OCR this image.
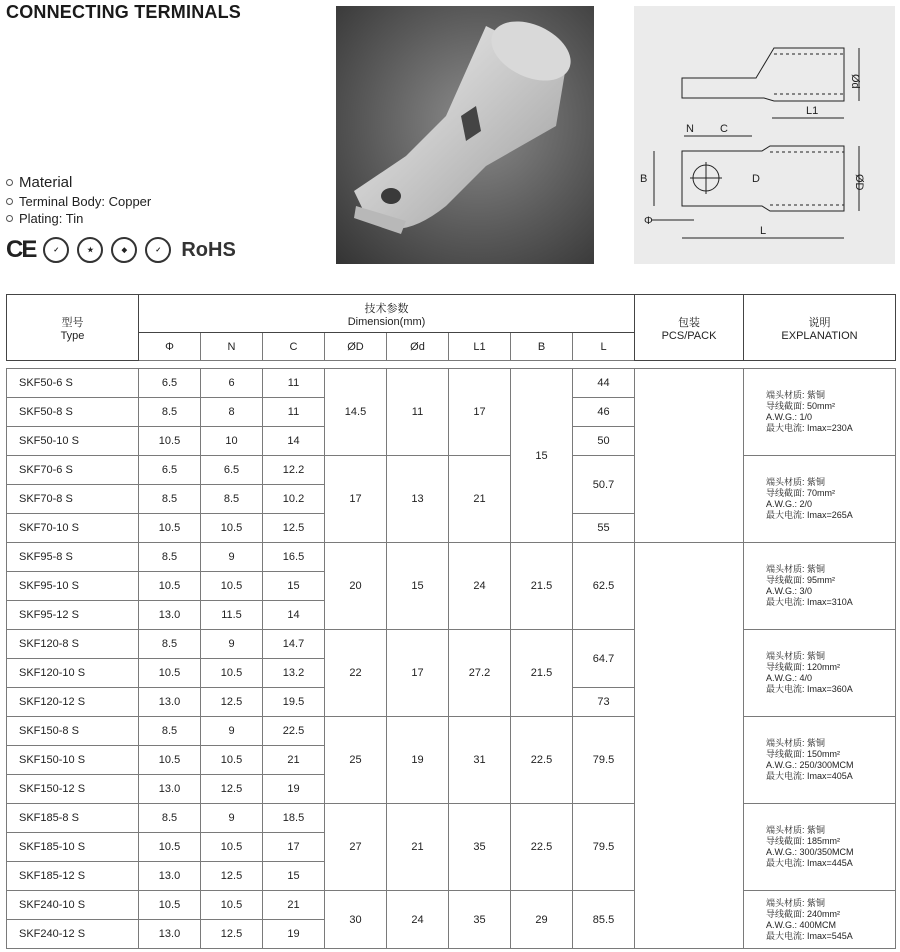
CONNECTING TERMINALS
Material
Terminal Body: Copper
Plating: Tin
CE	✓	★	◆	✓	RoHS
Ød
L1
N C
B	D	ØD
Φ
L
型号
Type	技术参数
Dimension(mm)								包装
PCS/PACK	说明
EXPLANATION
	Φ	N	C	ØD	Ød	L1	B	L		

SKF50-6 S	6.5	6	11	14.5	11	17	15	44		端头材质: 紫铜
导线截面: 50mm²
A.W.G.: 1/0
最大电流: Imax=230A
SKF50-8 S	8.5	8	11					46		
SKF50-10 S	10.5	10	14					50		
SKF70-6 S	6.5	6.5	12.2	17	13	21		50.7		端头材质: 紫铜
导线截面: 70mm²
A.W.G.: 2/0
最大电流: Imax=265A
SKF70-8 S	8.5	8.5	10.2							
SKF70-10 S	10.5	10.5	12.5					55		
SKF95-8 S	8.5	9	16.5	20	15	24	21.5	62.5		端头材质: 紫铜
导线截面: 95mm²
A.W.G.: 3/0
最大电流: Imax=310A
SKF95-10 S	10.5	10.5	15							
SKF95-12 S	13.0	11.5	14							
SKF120-8 S	8.5	9	14.7	22	17	27.2	21.5	64.7		端头材质: 紫铜
导线截面: 120mm²
A.W.G.: 4/0
最大电流: Imax=360A
SKF120-10 S	10.5	10.5	13.2							
SKF120-12 S	13.0	12.5	19.5					73		
SKF150-8 S	8.5	9	22.5	25	19	31	22.5	79.5		端头材质: 紫铜
导线截面: 150mm²
A.W.G.: 250/300MCM
最大电流: Imax=405A
SKF150-10 S	10.5	10.5	21							
SKF150-12 S	13.0	12.5	19							
SKF185-8 S	8.5	9	18.5	27	21	35	22.5	79.5		端头材质: 紫铜
导线截面: 185mm²
A.W.G.: 300/350MCM
最大电流: Imax=445A
SKF185-10 S	10.5	10.5	17							
SKF185-12 S	13.0	12.5	15							
SKF240-10 S	10.5	10.5	21	30	24	35	29	85.5		端头材质: 紫铜
导线截面: 240mm²
A.W.G.: 400MCM
最大电流: Imax=545A
SKF240-12 S	13.0	12.5	19							
